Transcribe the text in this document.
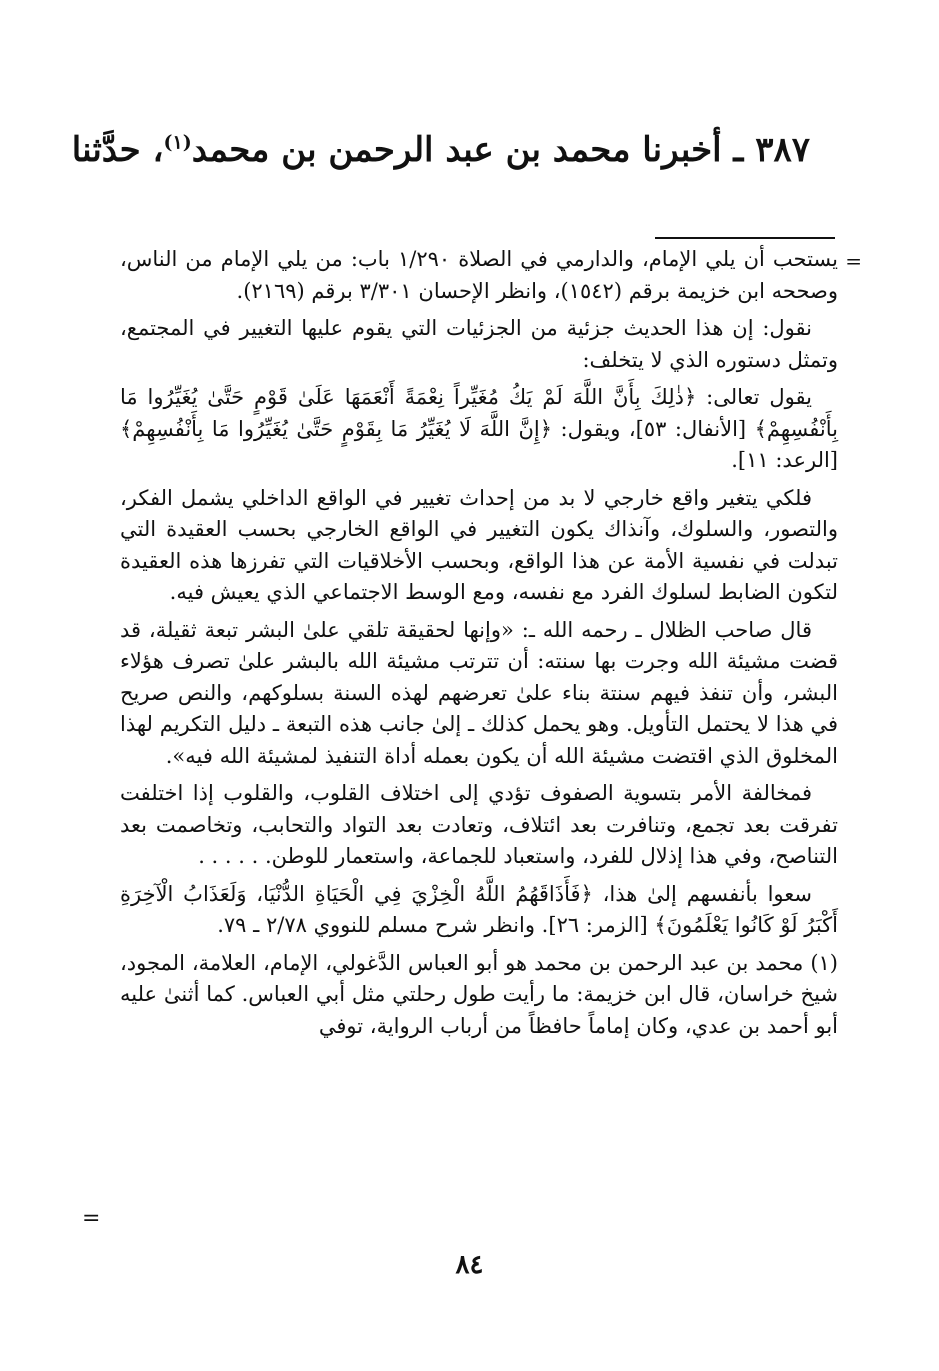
٣٨٧ ـ أخبرنا محمد بن عبد الرحمن بن محمد$^{(١)}$، حدَّثنا

=
يستحب أن يلي الإمام، والدارمي في الصلاة ١/٢٩٠ باب: من يلي الإمام من الناس، وصححه ابن خزيمة برقم (١٥٤٢)، وانظر الإحسان ٣/٣٠١ برقم (٢١٦٩).

نقول: إن هذا الحديث جزئية من الجزئيات التي يقوم عليها التغيير في المجتمع، وتمثل دستوره الذي لا يتخلف:

يقول تعالى: ﴿ذٰلِكَ بِأَنَّ اللَّهَ لَمْ يَكُ مُغَيِّراً نِعْمَةً أَنْعَمَهَا عَلَىٰ قَوْمٍ حَتَّىٰ يُغَيِّرُوا مَا بِأَنْفُسِهِمْ﴾ [الأنفال: ٥٣]، ويقول: ﴿إِنَّ اللَّهَ لَا يُغَيِّرُ مَا بِقَوْمٍ حَتَّىٰ يُغَيِّرُوا مَا بِأَنْفُسِهِمْ﴾ [الرعد: ١١].

فلكي يتغير واقع خارجي لا بد من إحداث تغيير في الواقع الداخلي يشمل الفكر، والتصور، والسلوك، وآنذاك يكون التغيير في الواقع الخارجي بحسب العقيدة التي تبدلت في نفسية الأمة عن هذا الواقع، وبحسب الأخلاقيات التي تفرزها هذه العقيدة لتكون الضابط لسلوك الفرد مع نفسه، ومع الوسط الاجتماعي الذي يعيش فيه.

قال صاحب الظلال ـ رحمه الله ـ: «وإنها لحقيقة تلقي علىٰ البشر تبعة ثقيلة، قد قضت مشيئة الله وجرت بها سنته: أن تترتب مشيئة الله بالبشر علىٰ تصرف هؤلاء البشر، وأن تنفذ فيهم سنتة بناء علىٰ تعرضهم لهذه السنة بسلوكهم، والنص صريح في هذا لا يحتمل التأويل. وهو يحمل كذلك ـ إلىٰ جانب هذه التبعة ـ دليل التكريم لهذا المخلوق الذي اقتضت مشيئة الله أن يكون بعمله أداة التنفيذ لمشيئة الله فيه».

فمخالفة الأمر بتسوية الصفوف تؤدي إلى اختلاف القلوب، والقلوب إذا اختلفت تفرقت بعد تجمع، وتنافرت بعد ائتلاف، وتعادت بعد التواد والتحابب، وتخاصمت بعد التناصح، وفي هذا إذلال للفرد، واستعباد للجماعة، واستعمار للوطن. . . . . .

سعوا بأنفسهم إلىٰ هذا، ﴿فَأَذَاقَهُمُ اللَّهُ الْخِزْيَ فِي الْحَيَاةِ الدُّنْيَا، وَلَعَذَابُ الْآخِرَةِ أَكْبَرُ لَوْ كَانُوا يَعْلَمُونَ﴾ [الزمر: ٢٦]. وانظر شرح مسلم للنووي ٢/٧٨ ـ ٧٩.

(١) محمد بن عبد الرحمن بن محمد هو أبو العباس الدَّغولي، الإمام، العلامة، المجود، شيخ خراسان، قال ابن خزيمة: ما رأيت طول رحلتي مثل أبي العباس. كما أثنىٰ عليه أبو أحمد بن عدي، وكان إماماً حافظاً من أرباب الرواية، توفي

=
٨٤
